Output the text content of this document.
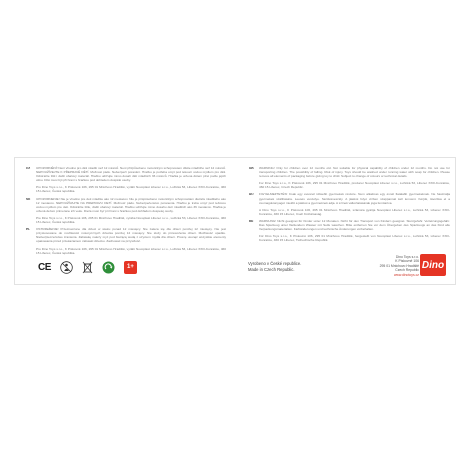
CZ	UPOZORNĚNÍ! Není vhodné pro děti mladší než 12 měsíců. Není přizpůsobeno motorickým schopnostem dítěte mladšího než 12 měsíců. NEPOUŽÍVEJTE K PŘEPRAVĚ DĚTÍ. Možnost pádu. Nebezpečí poranění. Hračku je potřeba omýt pod tekoucí vodou mýdlem pro děti. Odstraňte fólii i další obalový materiál. Hračku udržujte mimo dosah dětí mladších 36 měsíců. Hračka je určena dětem plně podle jejich věku. Dítě musí být při hraní s hračkou pod dohledem dospělé osoby.
Pro Dino Toys s.r.o., K Pískovně 106, 295 01 Mnichovo Hradiště, vyrábí Novoplast Liberec s.r.o., Lužická 53, Liberec XXIII-Kunratice, 460 15 Liberec, Česká republika.
SK	UPOZORNENIE! Nie je vhodné pre deti mladšie ako 12 mesiacov. Nie je prispôsobené motorickým schopnostiam dieťaťa mladšieho ako 12 mesiacov. NEPOUŽÍVAJTE NA PREPRAVU DETÍ. Možnosť pádu. Nebezpečenstvo poranenia. Hračku je treba umyť pod tečúcou vodou mydlom pre deti. Odstráňte fóliu, ďalší obalový materiál. Hračku udržujte mimo dosahu detí mladších ako 36 mesiacov. Hračka je určená deťom primerane ich veku. Dieťa musí byť pri hraní s hračkou pod dohľadom dospelej osoby.
Pre Dino Toys s.r.o., K Pískovně 106, 295 01 Mnichovo Hradiště, vyrába Novoplast Liberec s.r.o., Lužická 53, Liberec XXIII-Kunratice, 460 15 Liberec, Česká republika.
PL	OSTRZEŻENIE! Przeznaczone dla dzieci w wieku ponad 12 miesięcy. Nie zaleca się dla dzieci poniżej 12 miesięcy. Nie jest przystosowane do możliwości motorycznych dziecka poniżej 12 miesięcy. Nie służy do przewożenia dzieci. Możliwość upadku. Niebezpieczeństwo zranienia. Zabawkę należy myć pod bieżącą wodą z użyciem mydła dla dzieci. Proszę usunąć wszystkie elementy opakowania przed przekazaniem zabawki dziecku. Zachować na przyszłość.
Pro Dino Toys s.r.o., K Pískovně 106, 295 01 Mnichovo Hradiště, vyrábí Novoplast Liberec s.r.o., Lužická 53, Liberec XXIII-Kunratice, 460 15 Liberec, Česká republika.
GB	WARNING! Only for children over 12 months old. Not suitable for physical capability of children under 12 months. Do not use for transporting children. The possibility of falling. Risk of injury. Toys should be washed under running water with soap for children. Please remove all elements of packaging before giving toy to child. Subject to change of colours or technical details.
For Dino Toys s.r.o., K Pískovně 106, 295 01 Mnichovo Hradiště, producer Novoplast Liberec s.r.o., Lužická 53, Liberec XXIII-Kunratice, 460 15 Liberec, Czech Republic.
HU	FIGYELMEZTETÉS! Csak egy évesnél idősebb gyermekek részére. Nem alkalmas egy évnél fiatalabb gyermekeknek. Ne használja gyermekek szállítására. Leesés veszélye. Sérülésveszély. A játékot folyó vízben szappannal kell lemosni. Kérjük, távolítsa el a csomagolóanyagot mielőtt a játékot a gyermeknek adja. A színek változtatásának joga fenntartva.
A Dino Toys s.r.o., K Pískovně 106, 295 01 Mnichovo Hradiště, számára gyártja Novoplast Liberec s.r.o., Lužická 53, Liberec XXIII-Kunratice, 460 15 Liberec, Cseh Köztársaság.
DE	WARNUNG! Nicht geeignet für Kinder unter 12 Monaten. Nicht für den Transport von Kindern geeignet. Sturzgefahr. Verletzungsgefahr. Das Spielzeug unter fließendem Wasser mit Seife waschen. Bitte entfernen Sie vor dem Übergeben des Spielzeugs an das Kind alle Verpackungsmaterialien. Farbänderungen und technische Änderungen vorbehalten.
Für Dino Toys s.r.o., K Pískovně 106, 295 01 Mnichovo Hradiště, hergestellt von Novoplast Liberec s.r.o., Lužická 53, Liberec XXIII-Kunratice, 460 15 Liberec, Tschechische Republik.
CE	1+	Vyrobeno v České republice.
Made in Czech Republic.
Dino Toys s.r.o.
K Pískovně 106
295 01 Mnichovo Hradiště
Czech Republic
www.dinotoys.cz
Dino
